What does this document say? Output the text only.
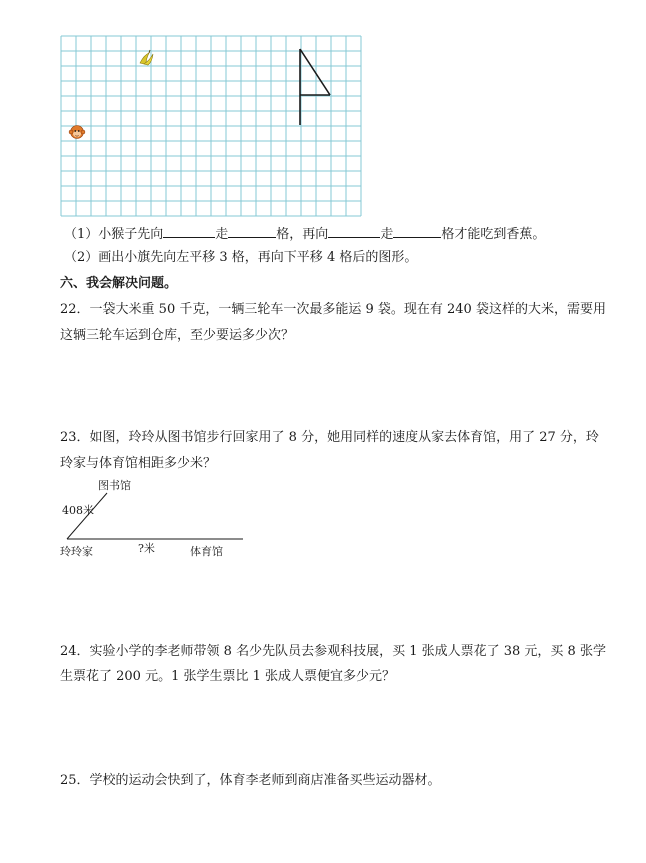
（1）小猴子先向	走	格，再向	走	格才能吃到香蕉。
（2）画出小旗先向左平移 3 格，再向下平移 4 格后的图形。
六、我会解决问题。
22．一袋大米重 50 千克，一辆三轮车一次最多能运 9 袋。现在有 240 袋这样的大米，需要用
这辆三轮车运到仓库，至少要运多少次？
23．如图，玲玲从图书馆步行回家用了 8 分，她用同样的速度从家去体育馆，用了 27 分，玲
玲家与体育馆相距多少米？
图书馆
408米
玲玲家	?米	体育馆
24．实验小学的李老师带领 8 名少先队员去参观科技展，买 1 张成人票花了 38 元，买 8 张学
生票花了 200 元。1 张学生票比 1 张成人票便宜多少元？
25．学校的运动会快到了，体育李老师到商店准备买些运动器材。
